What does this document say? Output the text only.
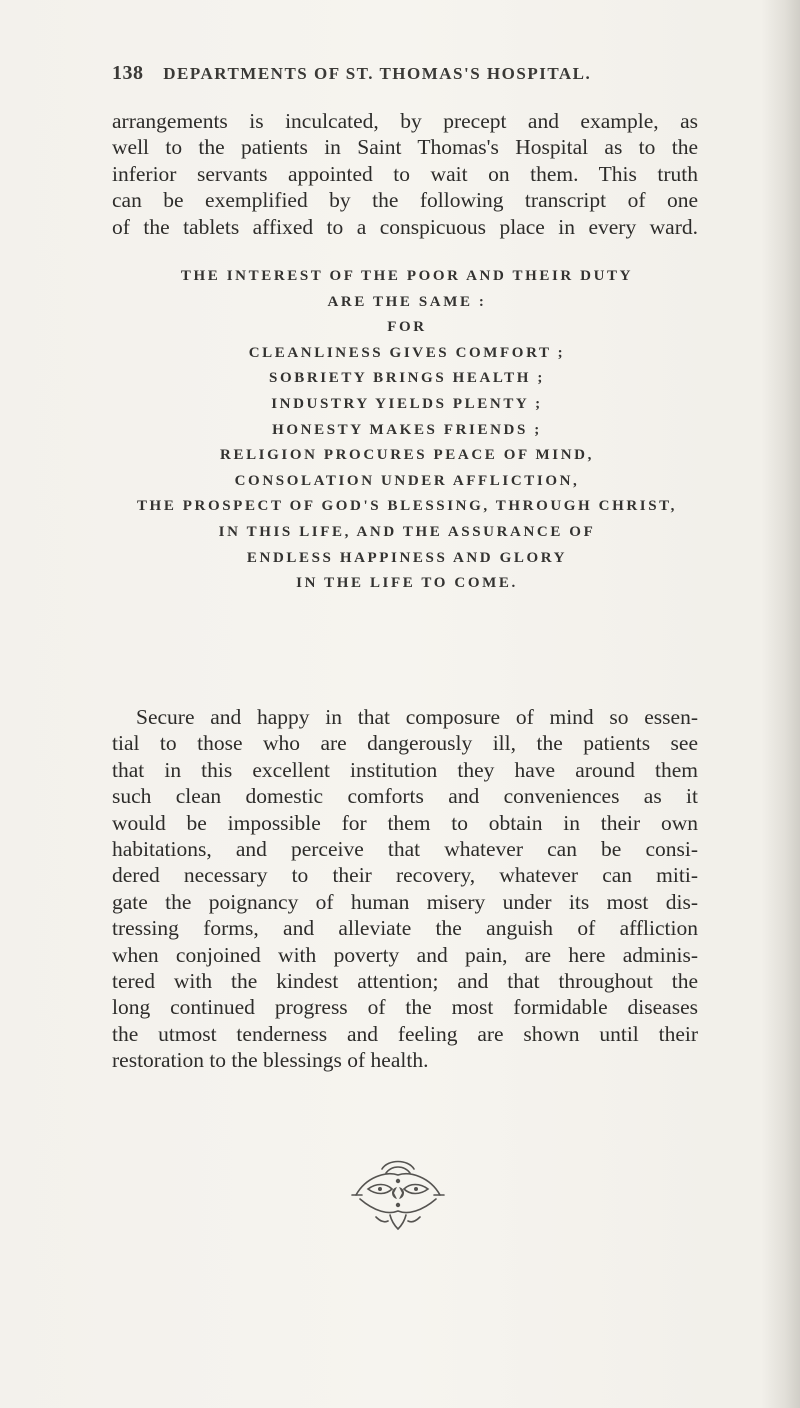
138 DEPARTMENTS OF ST. THOMAS'S HOSPITAL.
arrangements is inculcated, by precept and example, as
well to the patients in Saint Thomas's Hospital as to the
inferior servants appointed to wait on them. This truth
can be exemplified by the following transcript of one
of the tablets affixed to a conspicuous place in every ward.
THE INTEREST OF THE POOR AND THEIR DUTY
ARE THE SAME :
FOR
CLEANLINESS GIVES COMFORT ;
SOBRIETY BRINGS HEALTH ;
INDUSTRY YIELDS PLENTY ;
HONESTY MAKES FRIENDS ;
RELIGION PROCURES PEACE OF MIND,
CONSOLATION UNDER AFFLICTION,
THE PROSPECT OF GOD'S BLESSING, THROUGH CHRIST,
IN THIS LIFE, AND THE ASSURANCE OF
ENDLESS HAPPINESS AND GLORY
IN THE LIFE TO COME.
Secure and happy in that composure of mind so essen-
tial to those who are dangerously ill, the patients see
that in this excellent institution they have around them
such clean domestic comforts and conveniences as it
would be impossible for them to obtain in their own
habitations, and perceive that whatever can be consi-
dered necessary to their recovery, whatever can miti-
gate the poignancy of human misery under its most dis-
tressing forms, and alleviate the anguish of affliction
when conjoined with poverty and pain, are here adminis-
tered with the kindest attention; and that throughout the
long continued progress of the most formidable diseases
the utmost tenderness and feeling are shown until their
restoration to the blessings of health.
